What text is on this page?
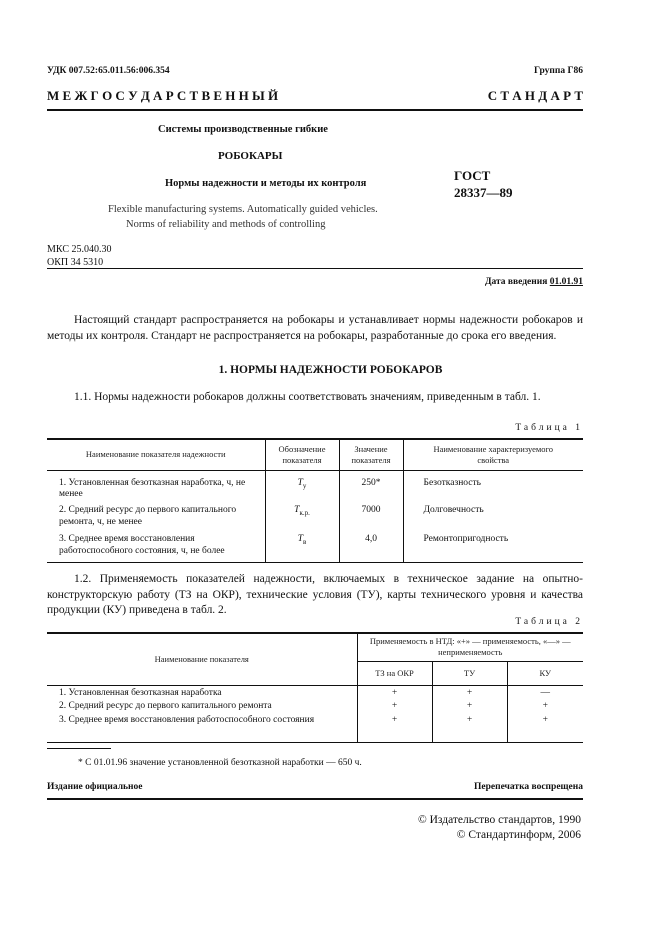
УДК 007.52:65.011.56:006.354	Группа Г86
М Е Ж Г О С У Д А Р С Т В Е Н Н Ы Й	С Т А Н Д А Р Т
Системы производственные гибкие
РОБОКАРЫ
Нормы надежности и методы их контроля
ГОСТ
28337—89
Flexible manufacturing systems. Automatically guided vehicles.
Norms of reliability and methods of controlling
МКС 25.040.30
ОКП 34 5310
Дата введения 01.01.91
Настоящий стандарт распространяется на робокары и устанавливает нормы надежности робокаров и методы их контроля. Стандарт не распространяется на робокары, разработанные до срока его введения.
1. НОРМЫ НАДЕЖНОСТИ РОБОКАРОВ
1.1. Нормы надежности робокаров должны соответствовать значениям, приведенным в табл. 1.
Таблица 1
Наименование показателя надежности	Обозначение показателя	Значение показателя	Наименование характеризуемого свойства
1. Установленная безотказная наработка, ч, не менее	$T_у$	250*	Безотказность
2. Средний ресурс до первого капитального ремонта, ч, не менее	$T_{к.р.}$	7000	Долговечность
3. Среднее время восстановления работоспособного состояния, ч, не более	$T_в$	4,0	Ремонтопригодность
1.2. Применяемость показателей надежности, включаемых в техническое задание на опытно-конструкторскую работу (ТЗ на ОКР), технические условия (ТУ), карты технического уровня и качества продукции (КУ) приведена в табл. 2.
Таблица 2
Наименование показателя	Применяемость в НТД: «+» — применяемость, «—» — неприменяемость		
	ТЗ на ОКР	ТУ	КУ
1. Установленная безотказная наработка	+	+	—
2. Средний ресурс до первого капитального ремонта	+	+	+
3. Среднее время восстановления работоспособного состояния	+	+	+
* С 01.01.96 значение установленной безотказной наработки — 650 ч.
Издание официальное	Перепечатка воспрещена
© Издательство стандартов, 1990
© Стандартинформ, 2006
